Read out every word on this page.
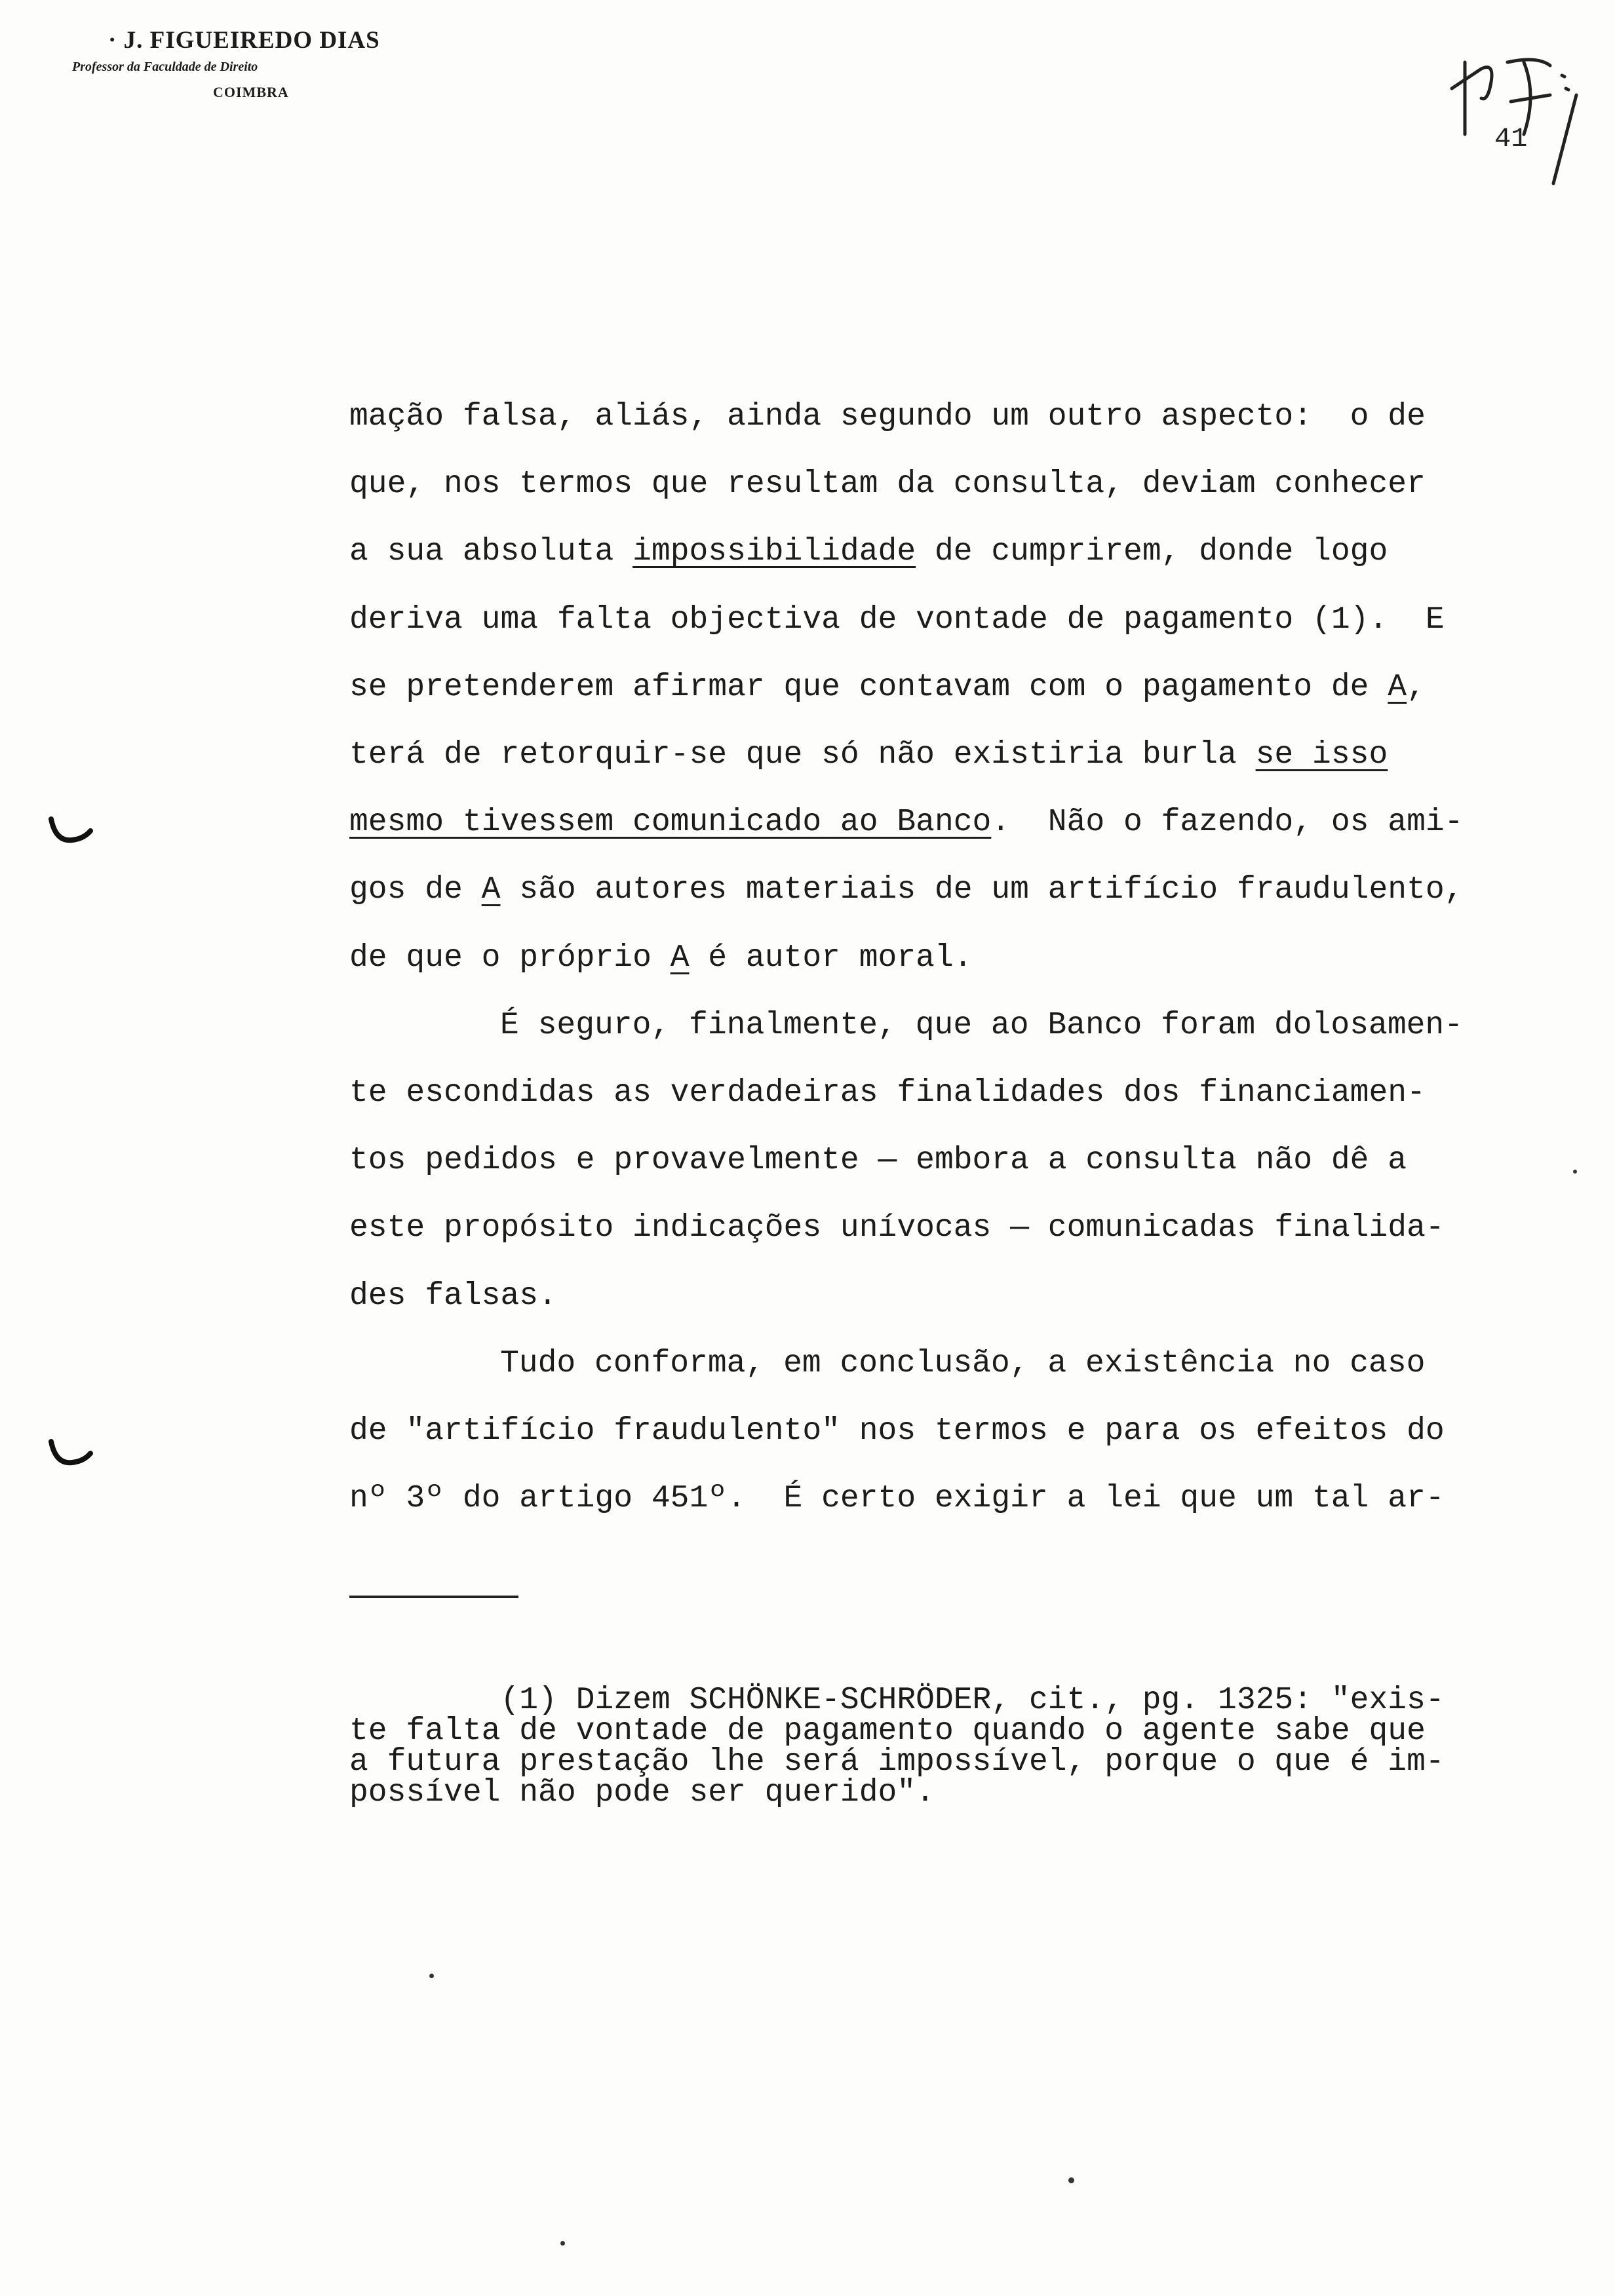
· J. FIGUEIREDO DIAS
Professor da Faculdade de Direito
COIMBRA
41
mação falsa, aliás, ainda segundo um outro aspecto:  o de
que, nos termos que resultam da consulta, deviam conhecer
a sua absoluta impossibilidade de cumprirem, donde logo
deriva uma falta objectiva de vontade de pagamento (1).  E
se pretenderem afirmar que contavam com o pagamento de A,
terá de retorquir-se que só não existiria burla se isso
mesmo tivessem comunicado ao Banco.  Não o fazendo, os ami-
gos de A são autores materiais de um artifício fraudulento,
de que o próprio A é autor moral.
É seguro, finalmente, que ao Banco foram dolosamen-
te escondidas as verdadeiras finalidades dos financiamen-
tos pedidos e provavelmente — embora a consulta não dê a
este propósito indicações unívocas — comunicadas finalida-
des falsas.
Tudo conforma, em conclusão, a existência no caso
de "artifício fraudulento" nos termos e para os efeitos do
nº 3º do artigo 451º.  É certo exigir a lei que um tal ar-
(1) Dizem SCHÖNKE-SCHRÖDER, cit., pg. 1325: "exis-
te falta de vontade de pagamento quando o agente sabe que
a futura prestação lhe será impossível, porque o que é im-
possível não pode ser querido".
